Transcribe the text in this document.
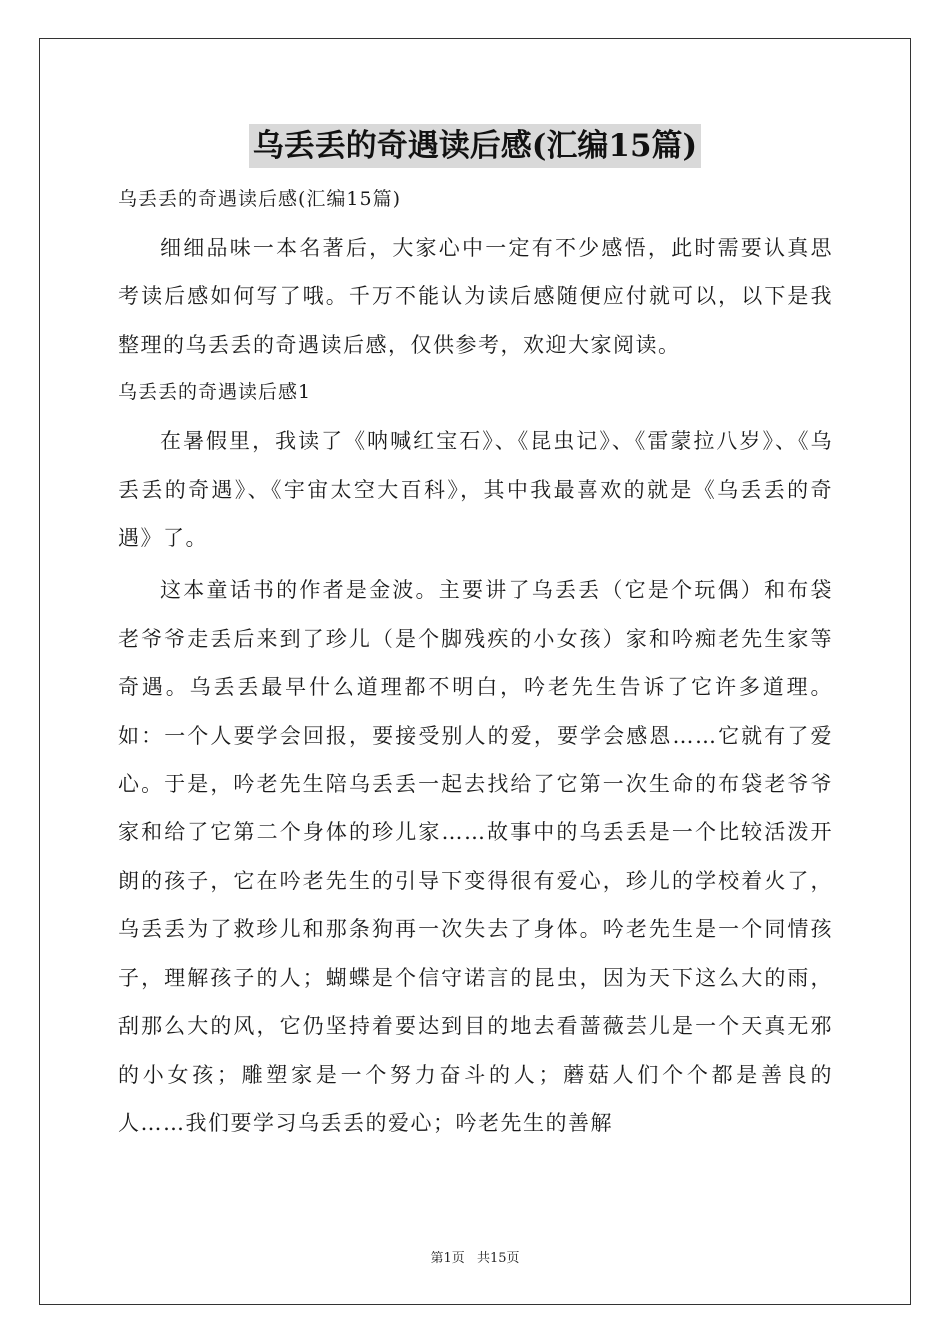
乌丢丢的奇遇读后感(汇编15篇)

乌丢丢的奇遇读后感(汇编15篇)

细细品味一本名著后，大家心中一定有不少感悟，此时需要认真思考读后感如何写了哦。千万不能认为读后感随便应付就可以，以下是我整理的乌丢丢的奇遇读后感，仅供参考，欢迎大家阅读。

乌丢丢的奇遇读后感1

在暑假里，我读了《呐喊红宝石》、《昆虫记》、《雷蒙拉八岁》、《乌丢丢的奇遇》、《宇宙太空大百科》，其中我最喜欢的就是《乌丢丢的奇遇》了。

这本童话书的作者是金波。主要讲了乌丢丢（它是个玩偶）和布袋老爷爷走丢后来到了珍儿（是个脚残疾的小女孩）家和吟痴老先生家等奇遇。乌丢丢最早什么道理都不明白，吟老先生告诉了它许多道理。如：一个人要学会回报，要接受别人的爱，要学会感恩……它就有了爱心。于是，吟老先生陪乌丢丢一起去找给了它第一次生命的布袋老爷爷家和给了它第二个身体的珍儿家……故事中的乌丢丢是一个比较活泼开朗的孩子，它在吟老先生的引导下变得很有爱心，珍儿的学校着火了，乌丢丢为了救珍儿和那条狗再一次失去了身体。吟老先生是一个同情孩子，理解孩子的人；蝴蝶是个信守诺言的昆虫，因为天下这么大的雨，刮那么大的风，它仍坚持着要达到目的地去看蔷薇芸儿是一个天真无邪的小女孩；雕塑家是一个努力奋斗的人；蘑菇人们个个都是善良的人……我们要学习乌丢丢的爱心；吟老先生的善解

第1页 共15页
